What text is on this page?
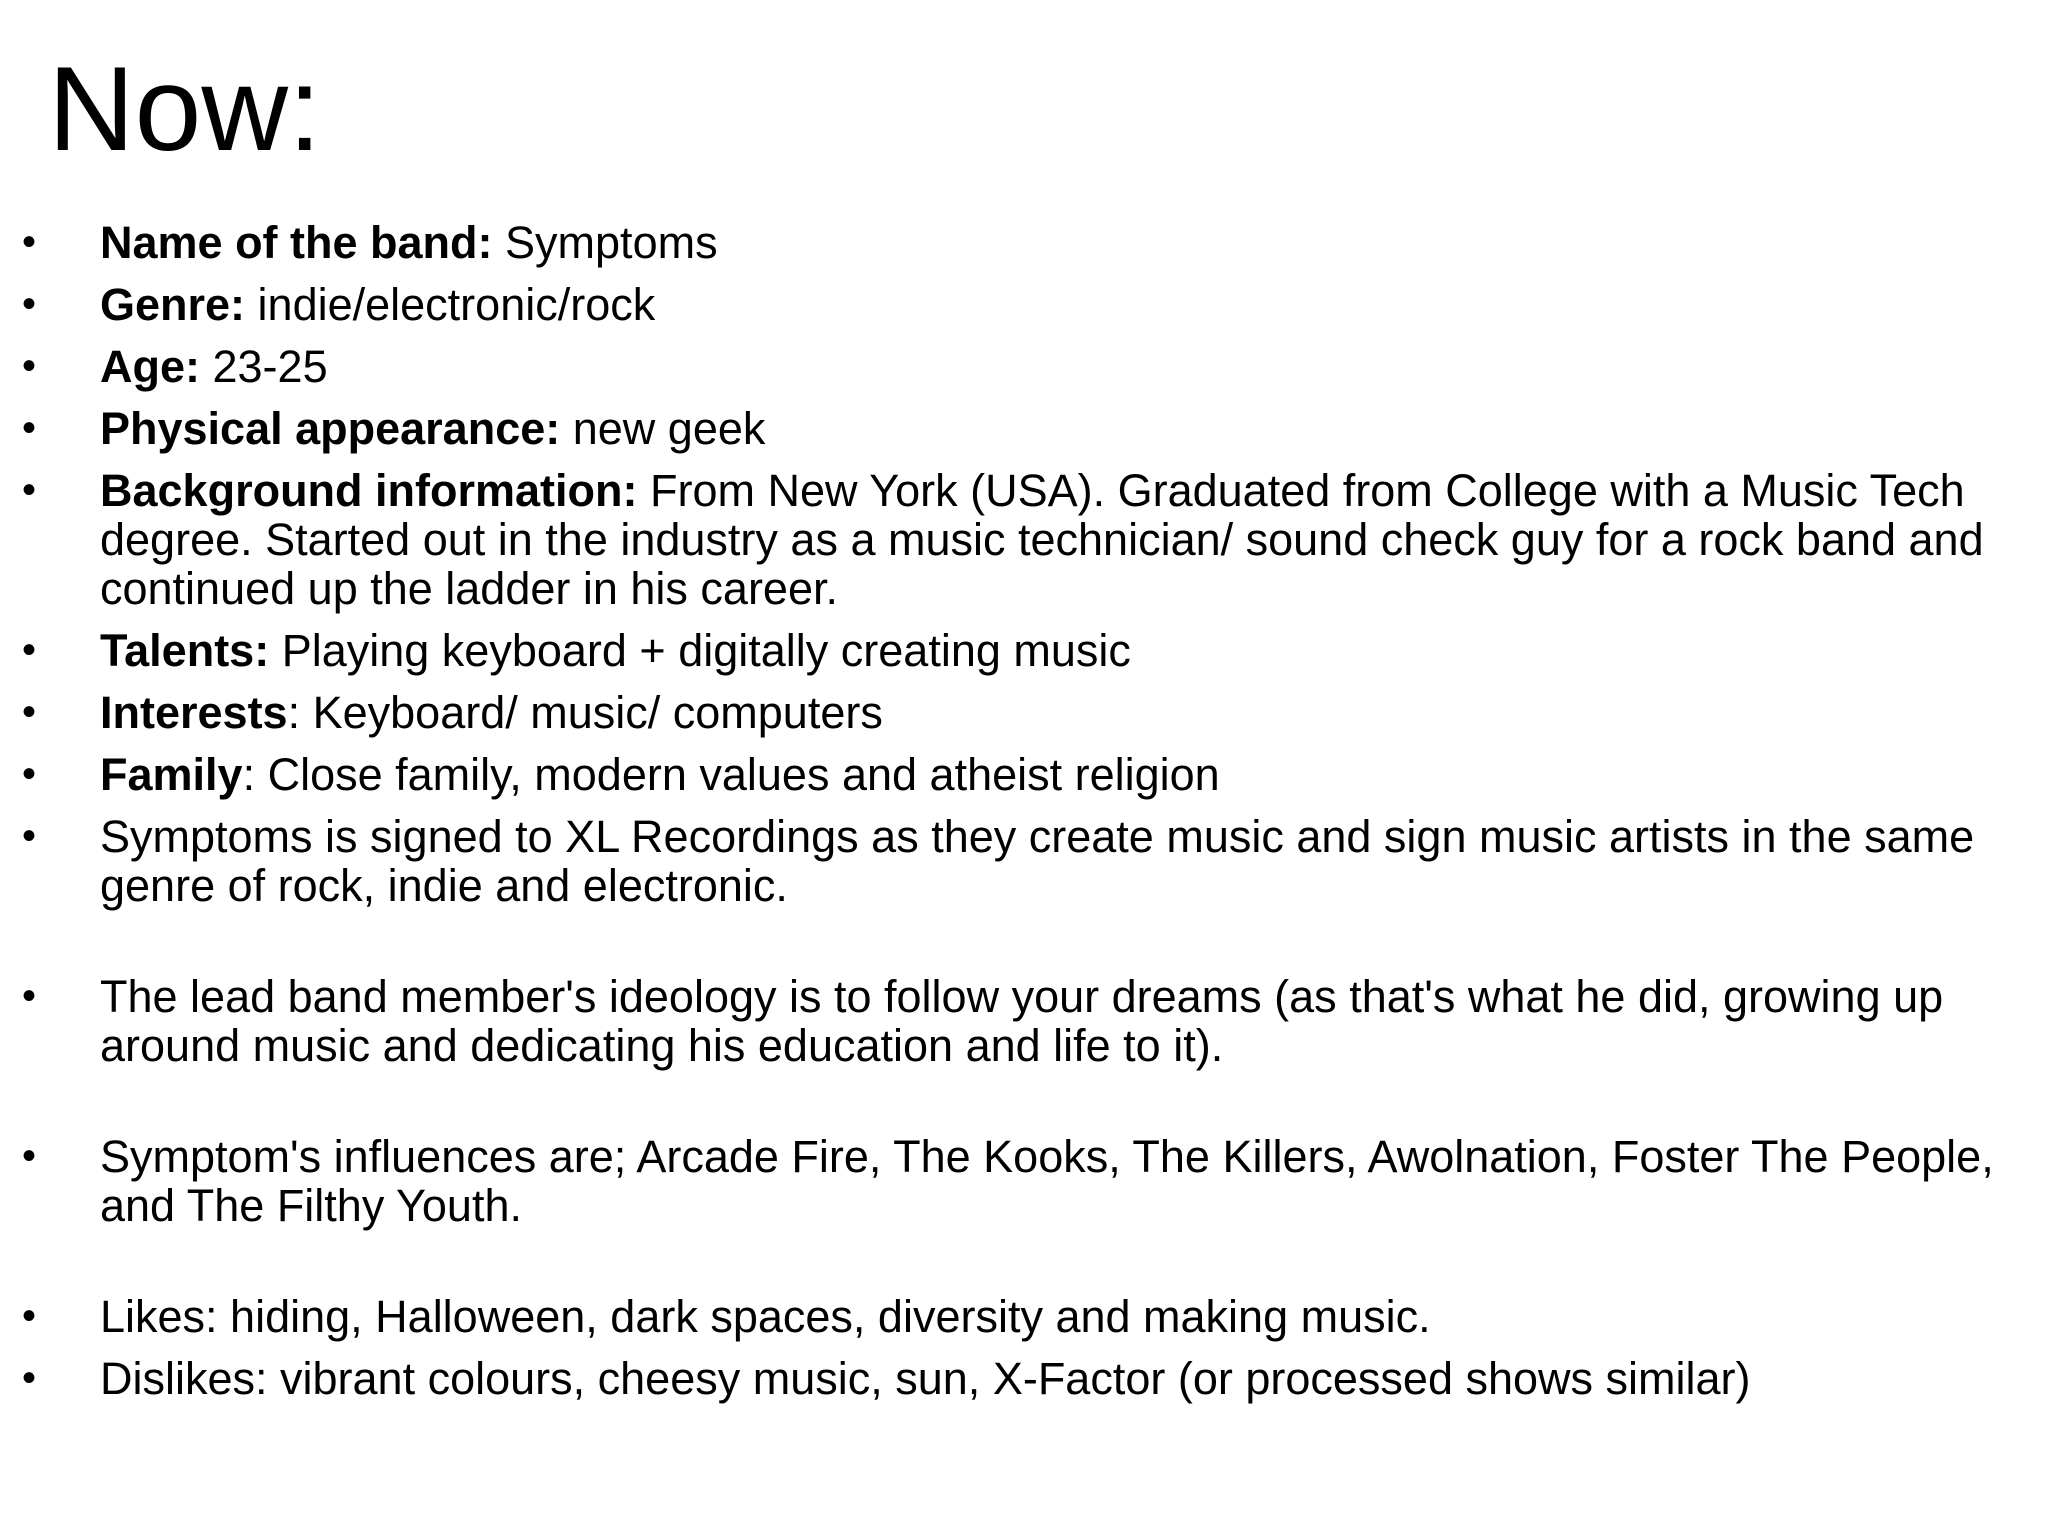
Now:
• Name of the band: Symptoms
• Genre: indie/electronic/rock
• Age: 23-25
• Physical appearance: new geek
• Background information: From New York (USA). Graduated from College with a Music Tech degree. Started out in the industry as a music technician/ sound check guy for a rock band and continued up the ladder in his career.
• Talents: Playing keyboard + digitally creating music
• Interests: Keyboard/ music/ computers
• Family: Close family, modern values and atheist religion
• Symptoms is signed to XL Recordings as they create music and sign music artists in the same genre of rock, indie and electronic.
• The lead band member's ideology is to follow your dreams (as that's what he did, growing up around music and dedicating his education and life to it).
• Symptom's influences are; Arcade Fire, The Kooks, The Killers, Awolnation, Foster The People, and The Filthy Youth.
• Likes: hiding, Halloween, dark spaces, diversity and making music.
• Dislikes: vibrant colours, cheesy music, sun, X-Factor (or processed shows similar)
